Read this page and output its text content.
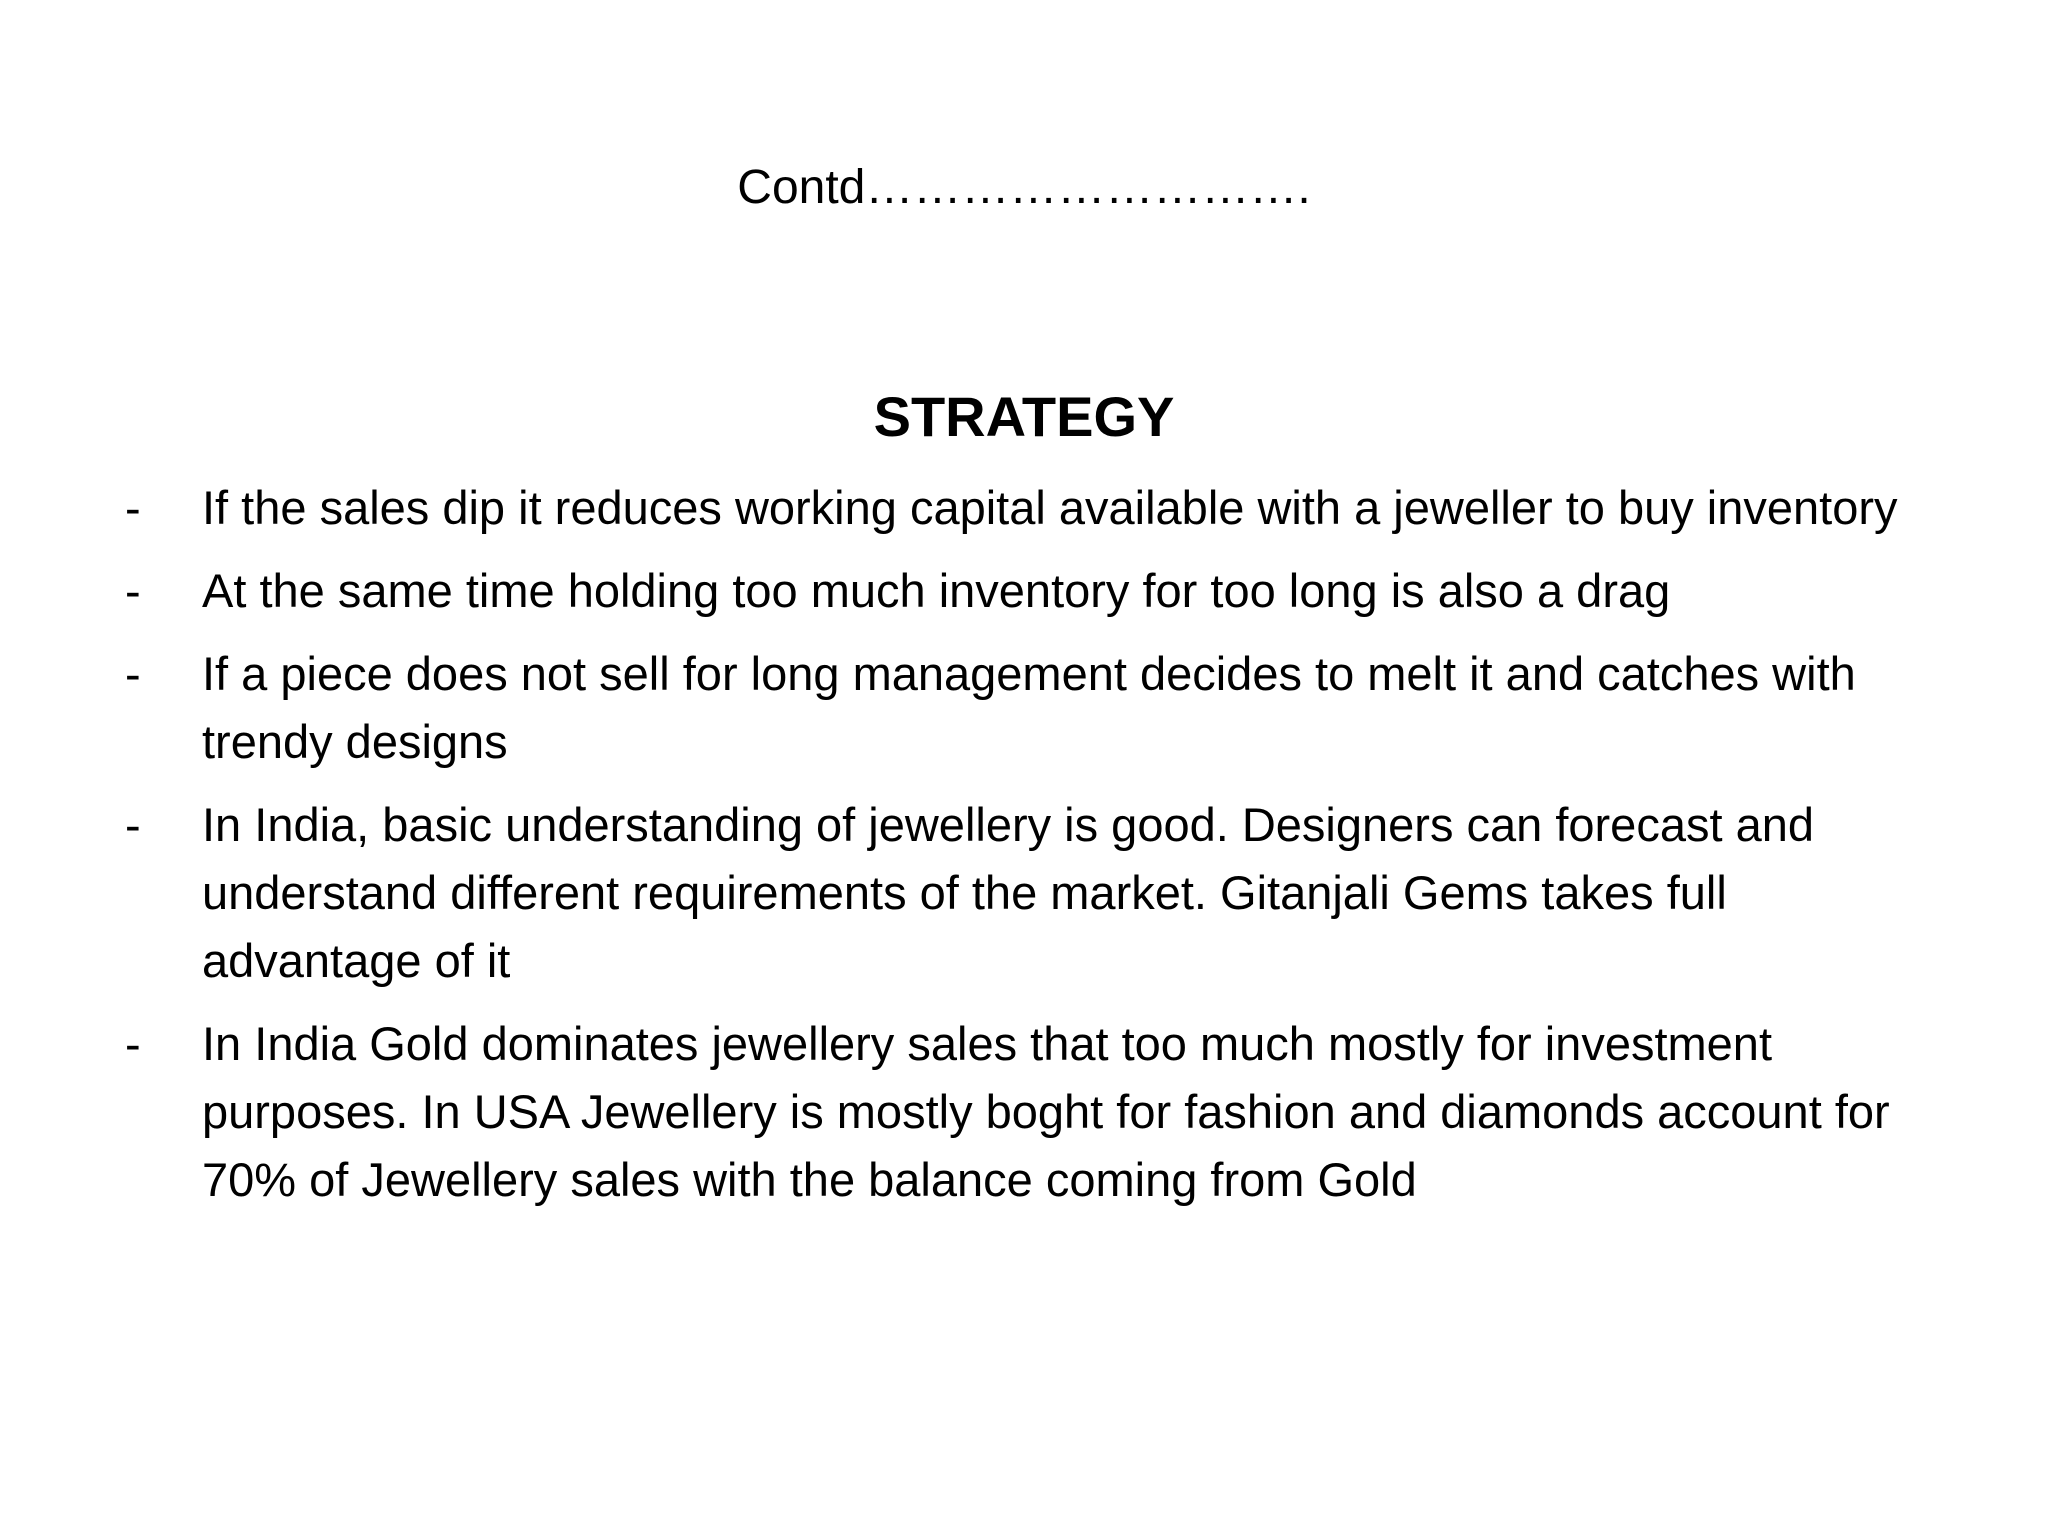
Contd……………………….
STRATEGY
- If the sales dip it reduces working capital available with a jeweller to buy inventory
- At the same time holding too much inventory for too long is also a drag
- If a piece does not sell for long management decides to melt it and catches with trendy designs
- In India, basic understanding of jewellery is good. Designers can forecast and understand different requirements of the market. Gitanjali Gems takes full advantage of it
- In India Gold dominates jewellery sales that too much mostly for investment purposes. In USA Jewellery is mostly boght for fashion and diamonds account for 70% of Jewellery sales with the balance coming from Gold
